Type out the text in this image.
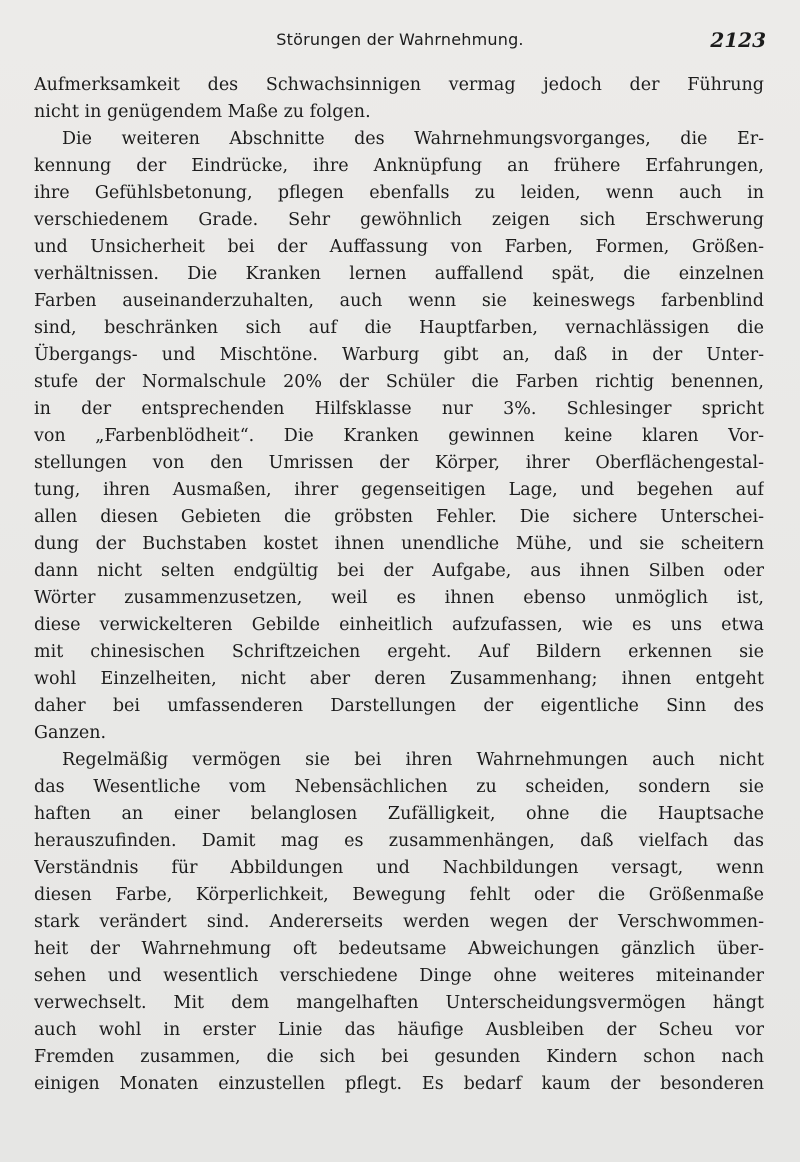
Störungen der Wahrnehmung.	2123
Aufmerksamkeit des Schwachsinnigen vermag jedoch der Führung
nicht in genügendem Maße zu folgen.
Die weiteren Abschnitte des Wahrnehmungsvorganges, die Er-
kennung der Eindrücke, ihre Anknüpfung an frühere Erfahrungen,
ihre Gefühlsbetonung, pflegen ebenfalls zu leiden, wenn auch in
verschiedenem Grade. Sehr gewöhnlich zeigen sich Erschwerung
und Unsicherheit bei der Auffassung von Farben, Formen, Größen-
verhältnissen. Die Kranken lernen auffallend spät, die einzelnen
Farben auseinanderzuhalten, auch wenn sie keineswegs farbenblind
sind, beschränken sich auf die Hauptfarben, vernachlässigen die
Übergangs- und Mischtöne. Warburg gibt an, daß in der Unter-
stufe der Normalschule 20% der Schüler die Farben richtig benennen,
in der entsprechenden Hilfsklasse nur 3%. Schlesinger spricht
von „Farbenblödheit“. Die Kranken gewinnen keine klaren Vor-
stellungen von den Umrissen der Körper, ihrer Oberflächengestal-
tung, ihren Ausmaßen, ihrer gegenseitigen Lage, und begehen auf
allen diesen Gebieten die gröbsten Fehler. Die sichere Unterschei-
dung der Buchstaben kostet ihnen unendliche Mühe, und sie scheitern
dann nicht selten endgültig bei der Aufgabe, aus ihnen Silben oder
Wörter zusammenzusetzen, weil es ihnen ebenso unmöglich ist,
diese verwickelteren Gebilde einheitlich aufzufassen, wie es uns etwa
mit chinesischen Schriftzeichen ergeht. Auf Bildern erkennen sie
wohl Einzelheiten, nicht aber deren Zusammenhang; ihnen entgeht
daher bei umfassenderen Darstellungen der eigentliche Sinn des
Ganzen.
Regelmäßig vermögen sie bei ihren Wahrnehmungen auch nicht
das Wesentliche vom Nebensächlichen zu scheiden, sondern sie
haften an einer belanglosen Zufälligkeit, ohne die Hauptsache
herauszufinden. Damit mag es zusammenhängen, daß vielfach das
Verständnis für Abbildungen und Nachbildungen versagt, wenn
diesen Farbe, Körperlichkeit, Bewegung fehlt oder die Größenmaße
stark verändert sind. Andererseits werden wegen der Verschwommen-
heit der Wahrnehmung oft bedeutsame Abweichungen gänzlich über-
sehen und wesentlich verschiedene Dinge ohne weiteres miteinander
verwechselt. Mit dem mangelhaften Unterscheidungsvermögen hängt
auch wohl in erster Linie das häufige Ausbleiben der Scheu vor
Fremden zusammen, die sich bei gesunden Kindern schon nach
einigen Monaten einzustellen pflegt. Es bedarf kaum der besonderen
